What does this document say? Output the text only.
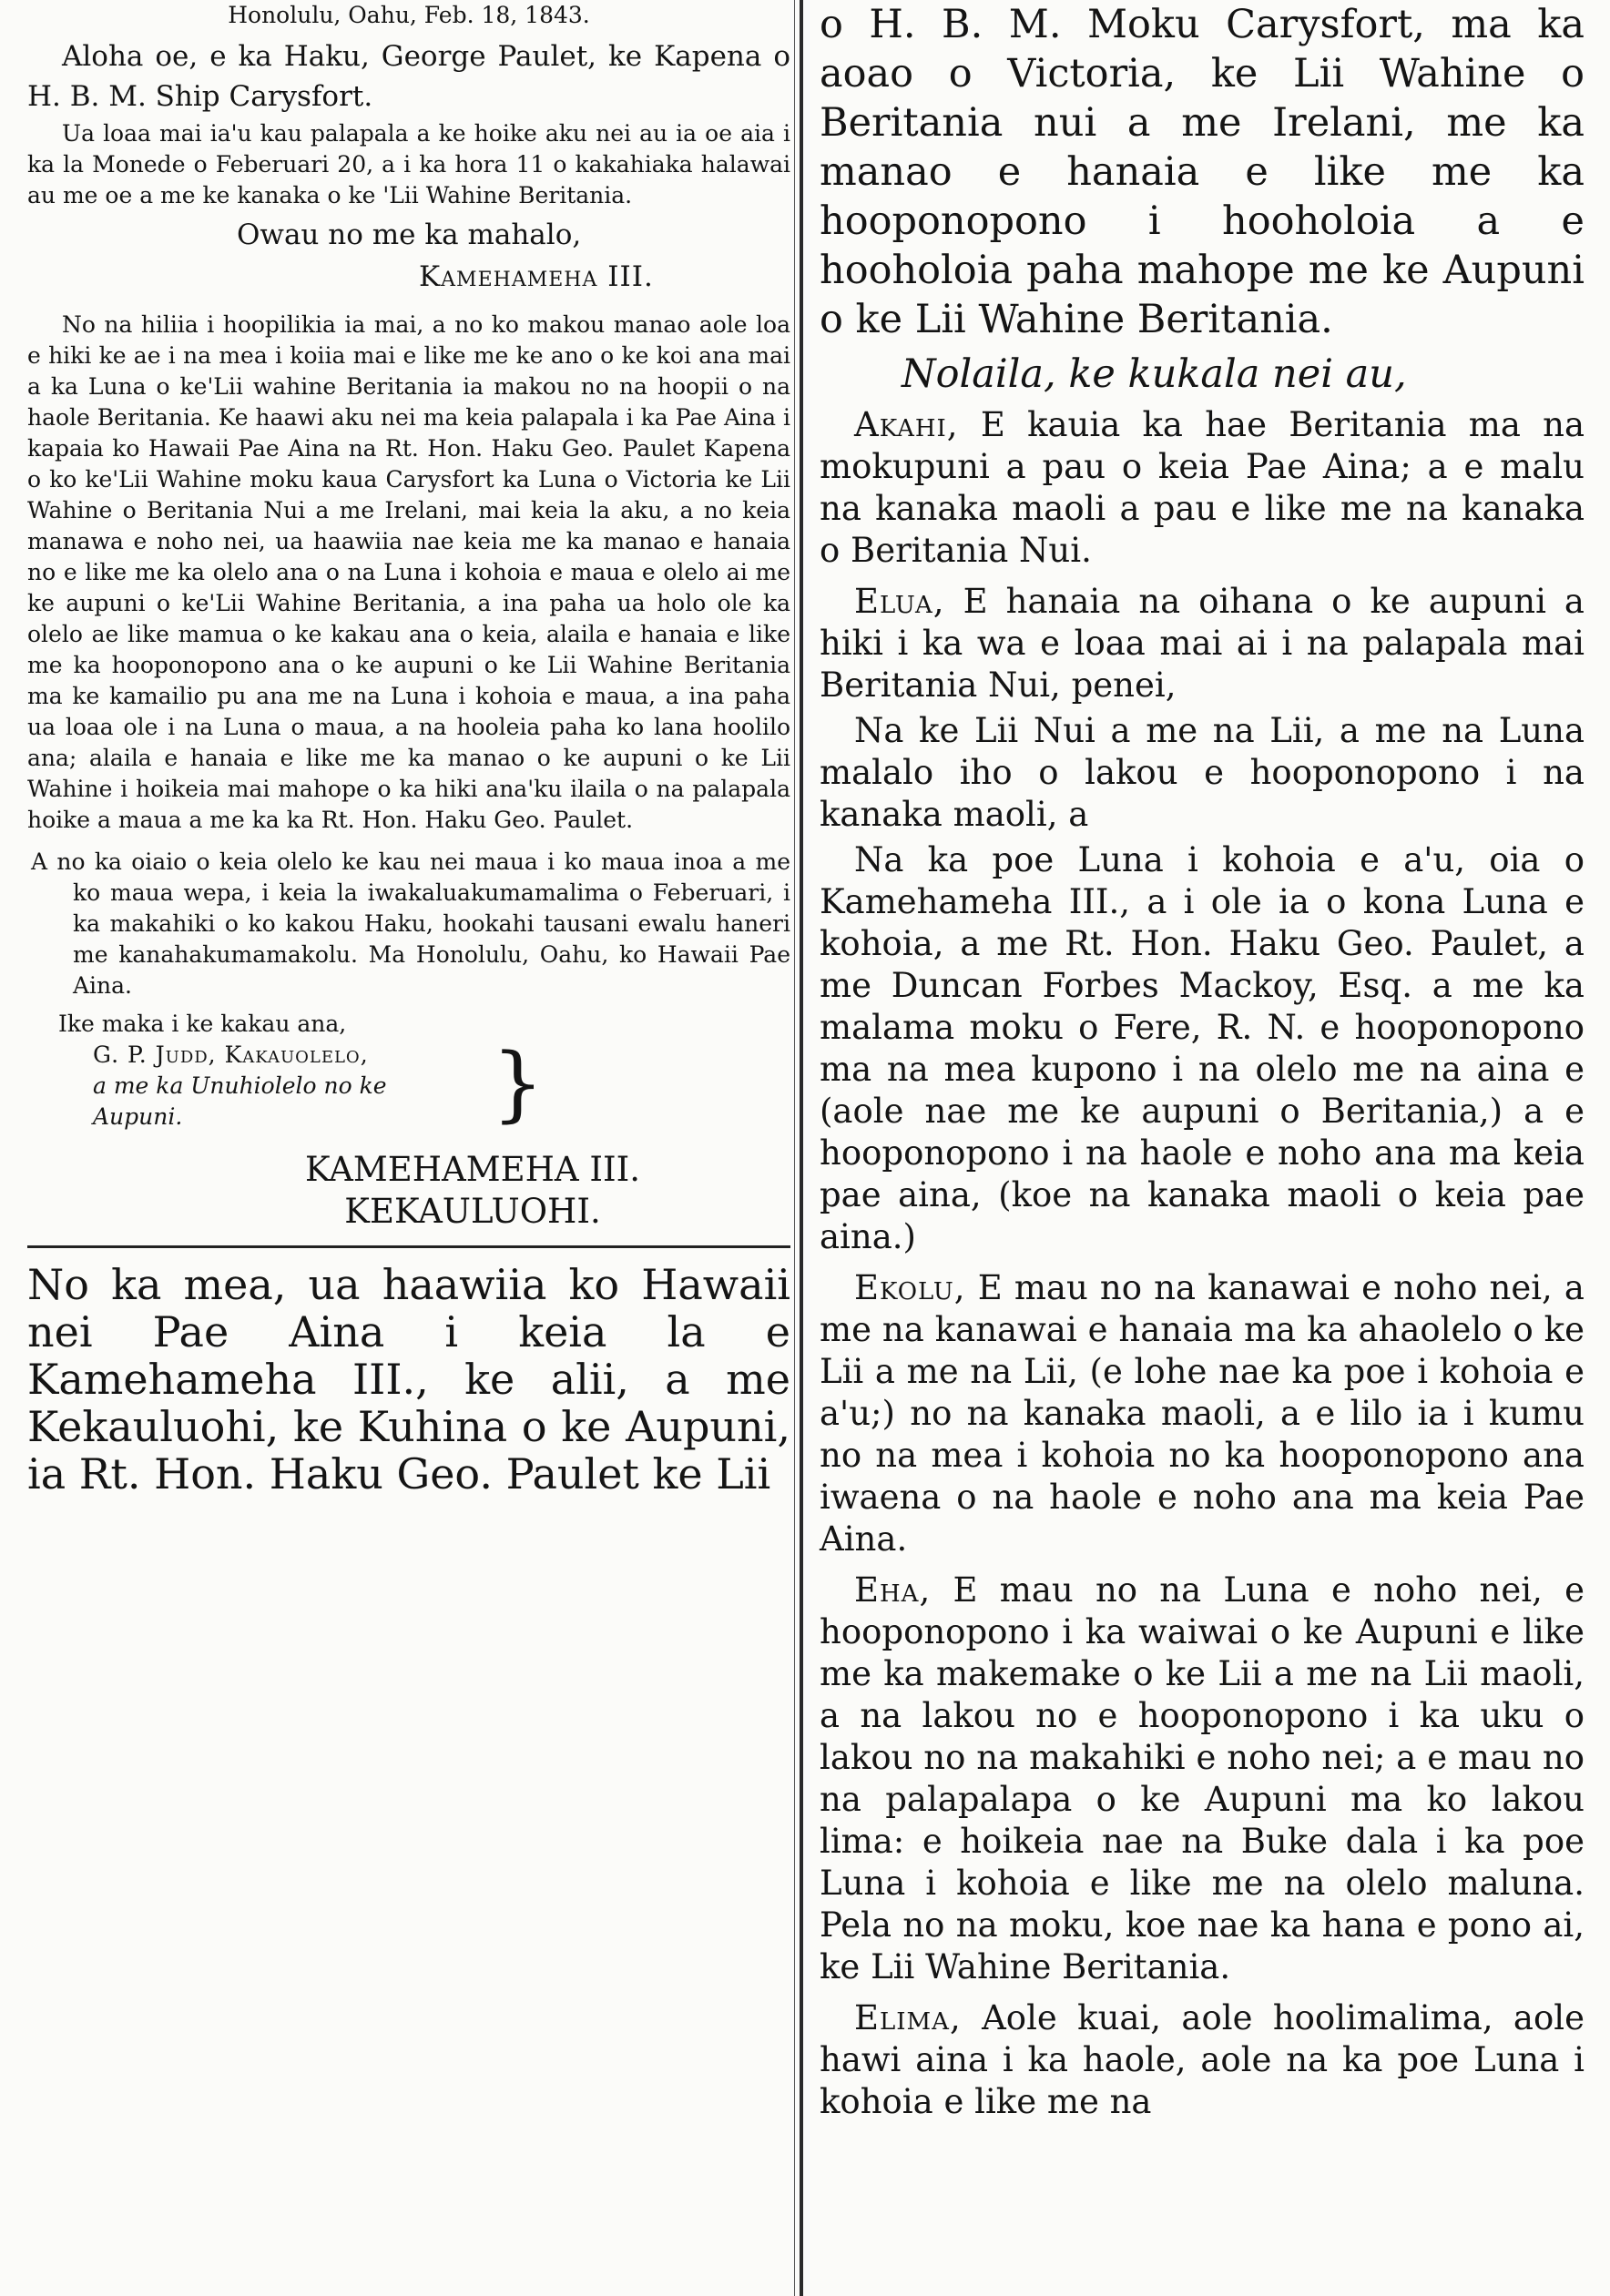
Honolulu, Oahu, Feb. 18, 1843.

Aloha oe, e ka Haku, George Paulet, ke Kapena o H. B. M. Ship Carysfort.

Ua loaa mai ia'u kau palapala a ke hoike aku nei au ia oe aia i ka la Monede o Feberuari 20, a i ka hora 11 o kakahiaka halawai au me oe a me ke kanaka o ke 'Lii Wahine Beritania.

Owau no me ka mahalo,

Kamehameha III.

No na hiliia i hoopilikia ia mai, a no ko makou manao aole loa e hiki ke ae i na mea i koiia mai e like me ke ano o ke koi ana mai a ka Luna o ke'Lii wahine Beritania ia makou no na hoopii o na haole Beritania. Ke haawi aku nei ma keia palapala i ka Pae Aina i kapaia ko Hawaii Pae Aina na Rt. Hon. Haku Geo. Paulet Kapena o ko ke'Lii Wahine moku kaua Carysfort ka Luna o Victoria ke Lii Wahine o Beritania Nui a me Irelani, mai keia la aku, a no keia manawa e noho nei, ua haawiia nae keia me ka manao e hanaia no e like me ka olelo ana o na Luna i kohoia e maua e olelo ai me ke aupuni o ke'Lii Wahine Beritania, a ina paha ua holo ole ka olelo ae like mamua o ke kakau ana o keia, alaila e hanaia e like me ka hooponopono ana o ke aupuni o ke Lii Wahine Beritania ma ke kamailio pu ana me na Luna i kohoia e maua, a ina paha ua loaa ole i na Luna o maua, a na hooleia paha ko lana hoolilo ana; alaila e hanaia e like me ka manao o ke aupuni o ke Lii Wahine i hoikeia mai mahope o ka hiki ana'ku ilaila o na palapala hoike a maua a me ka ka Rt. Hon. Haku Geo. Paulet.

A no ka oiaio o keia olelo ke kau nei maua i ko maua inoa a me ko maua wepa, i keia la iwakaluakumamalima o Feberuari, i ka makahiki o ko kakou Haku, hookahi tausani ewalu haneri me kanahakumamakolu. Ma Honolulu, Oahu, ko Hawaii Pae Aina.

Ike maka i ke kakau ana,

G. P. Judd, Kakauolelo,

a me ka Unuhiolelo no ke

Aupuni.	}

KAMEHAMEHA III.

KEKAULUOHI.

No ka mea, ua haawiia ko Hawaii nei Pae Aina i keia la e Kamehameha III., ke alii, a me Kekauluohi, ke Kuhina o ke Aupuni, ia Rt. Hon. Haku Geo. Paulet ke Lii

o H. B. M. Moku Carysfort, ma ka aoao o Victoria, ke Lii Wahine o Beritania nui a me Irelani, me ka manao e hanaia e like me ka hooponopono i hooholoia a e hooholoia paha mahope me ke Aupuni o ke Lii Wahine Beritania.

Nolaila, ke kukala nei au,

Akahi, E kauia ka hae Beritania ma na mokupuni a pau o keia Pae Aina; a e malu na kanaka maoli a pau e like me na kanaka o Beritania Nui.

Elua, E hanaia na oihana o ke aupuni a hiki i ka wa e loaa mai ai i na palapala mai Beritania Nui, penei,

Na ke Lii Nui a me na Lii, a me na Luna malalo iho o lakou e hooponopono i na kanaka maoli, a

Na ka poe Luna i kohoia e a'u, oia o Kamehameha III., a i ole ia o kona Luna e kohoia, a me Rt. Hon. Haku Geo. Paulet, a me Duncan Forbes Mackoy, Esq. a me ka malama moku o Fere, R. N. e hooponopono ma na mea kupono i na olelo me na aina e (aole nae me ke aupuni o Beritania,) a e hooponopono i na haole e noho ana ma keia pae aina, (koe na kanaka maoli o keia pae aina.)

Ekolu, E mau no na kanawai e noho nei, a me na kanawai e hanaia ma ka ahaolelo o ke Lii a me na Lii, (e lohe nae ka poe i kohoia e a'u;) no na kanaka maoli, a e lilo ia i kumu no na mea i kohoia no ka hooponopono ana iwaena o na haole e noho ana ma keia Pae Aina.

Eha, E mau no na Luna e noho nei, e hooponopono i ka waiwai o ke Aupuni e like me ka makemake o ke Lii a me na Lii maoli, a na lakou no e hooponopono i ka uku o lakou no na makahiki e noho nei; a e mau no na palapalapa o ke Aupuni ma ko lakou lima: e hoikeia nae na Buke dala i ka poe Luna i kohoia e like me na olelo maluna. Pela no na moku, koe nae ka hana e pono ai, ke Lii Wahine Beritania.

Elima, Aole kuai, aole hoolimalima, aole hawi aina i ka haole, aole na ka poe Luna i kohoia e like me na
